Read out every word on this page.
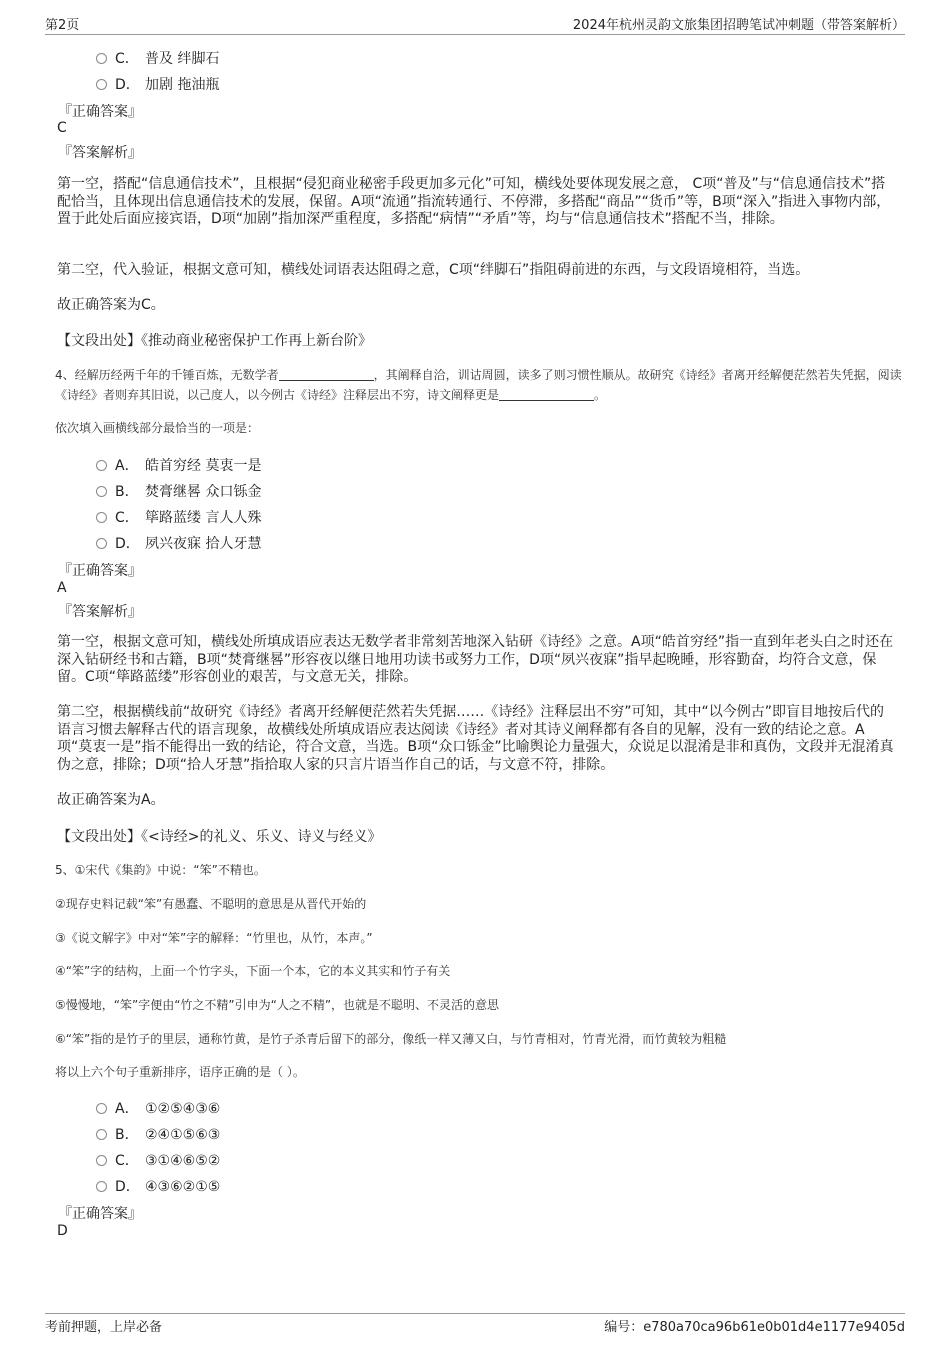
第2页	2024年杭州灵韵文旅集团招聘笔试冲刺题（带答案解析）
C． 普及 绊脚石
D． 加剧 拖油瓶
『正确答案』
C
『答案解析』
第一空，搭配“信息通信技术”，且根据“侵犯商业秘密手段更加多元化”可知，横线处要体现发展之意， C项“普及”与“信息通信技术”搭配恰当，且体现出信息通信技术的发展，保留。A项“流通”指流转通行、不停滞，多搭配“商品”“货币”等，B项“深入”指进入事物内部，置于此处后面应接宾语，D项“加剧”指加深严重程度，多搭配“病情”“矛盾”等，均与“信息通信技术”搭配不当，排除。
第二空，代入验证，根据文意可知，横线处词语表达阻碍之意，C项“绊脚石”指阻碍前进的东西，与文段语境相符，当选。
故正确答案为C。
【文段出处】《推动商业秘密保护工作再上新台阶》
4、经解历经两千年的千锤百炼，无数学者	，其阐释自洽，训诂周圆，读多了则习惯性顺从。故研究《诗经》者离开经解便茫然若失凭据，阅读《诗经》者则弃其旧说，以己度人，以今例古《诗经》注释层出不穷，诗文阐释更是	。
依次填入画横线部分最恰当的一项是：
A． 皓首穷经 莫衷一是
B． 焚膏继晷 众口铄金
C． 筚路蓝缕 言人人殊
D． 夙兴夜寐 拾人牙慧
『正确答案』
A
『答案解析』
第一空，根据文意可知，横线处所填成语应表达无数学者非常刻苦地深入钻研《诗经》之意。A项“皓首穷经”指一直到年老头白之时还在深入钻研经书和古籍，B项“焚膏继晷”形容夜以继日地用功读书或努力工作，D项“夙兴夜寐”指早起晚睡，形容勤奋，均符合文意，保留。C项“筚路蓝缕”形容创业的艰苦，与文意无关，排除。
第二空，根据横线前“故研究《诗经》者离开经解便茫然若失凭据……《诗经》注释层出不穷”可知，其中“以今例古”即盲目地按后代的语言习惯去解释古代的语言现象，故横线处所填成语应表达阅读《诗经》者对其诗义阐释都有各自的见解，没有一致的结论之意。A项“莫衷一是”指不能得出一致的结论，符合文意，当选。B项“众口铄金”比喻舆论力量强大，众说足以混淆是非和真伪，文段并无混淆真伪之意，排除；D项“拾人牙慧”指拾取人家的只言片语当作自己的话，与文意不符，排除。
故正确答案为A。
【文段出处】《<诗经>的礼义、乐义、诗义与经义》
5、①宋代《集韵》中说：“笨”不精也。
②现存史料记载“笨”有愚蠢、不聪明的意思是从晋代开始的
③《说文解字》中对“笨”字的解释：“竹里也，从竹，本声。”
④“笨”字的结构，上面一个竹字头，下面一个本，它的本义其实和竹子有关
⑤慢慢地，“笨”字便由“竹之不精”引申为“人之不精”，也就是不聪明、不灵活的意思
⑥“笨”指的是竹子的里层，通称竹黄，是竹子杀青后留下的部分，像纸一样又薄又白，与竹青相对，竹青光滑，而竹黄较为粗糙
将以上六个句子重新排序，语序正确的是（ ）。
A． ①②⑤④③⑥
B． ②④①⑤⑥③
C． ③①④⑥⑤②
D． ④③⑥②①⑤
『正确答案』
D
考前押题，上岸必备	编号：e780a70ca96b61e0b01d4e1177e9405d
